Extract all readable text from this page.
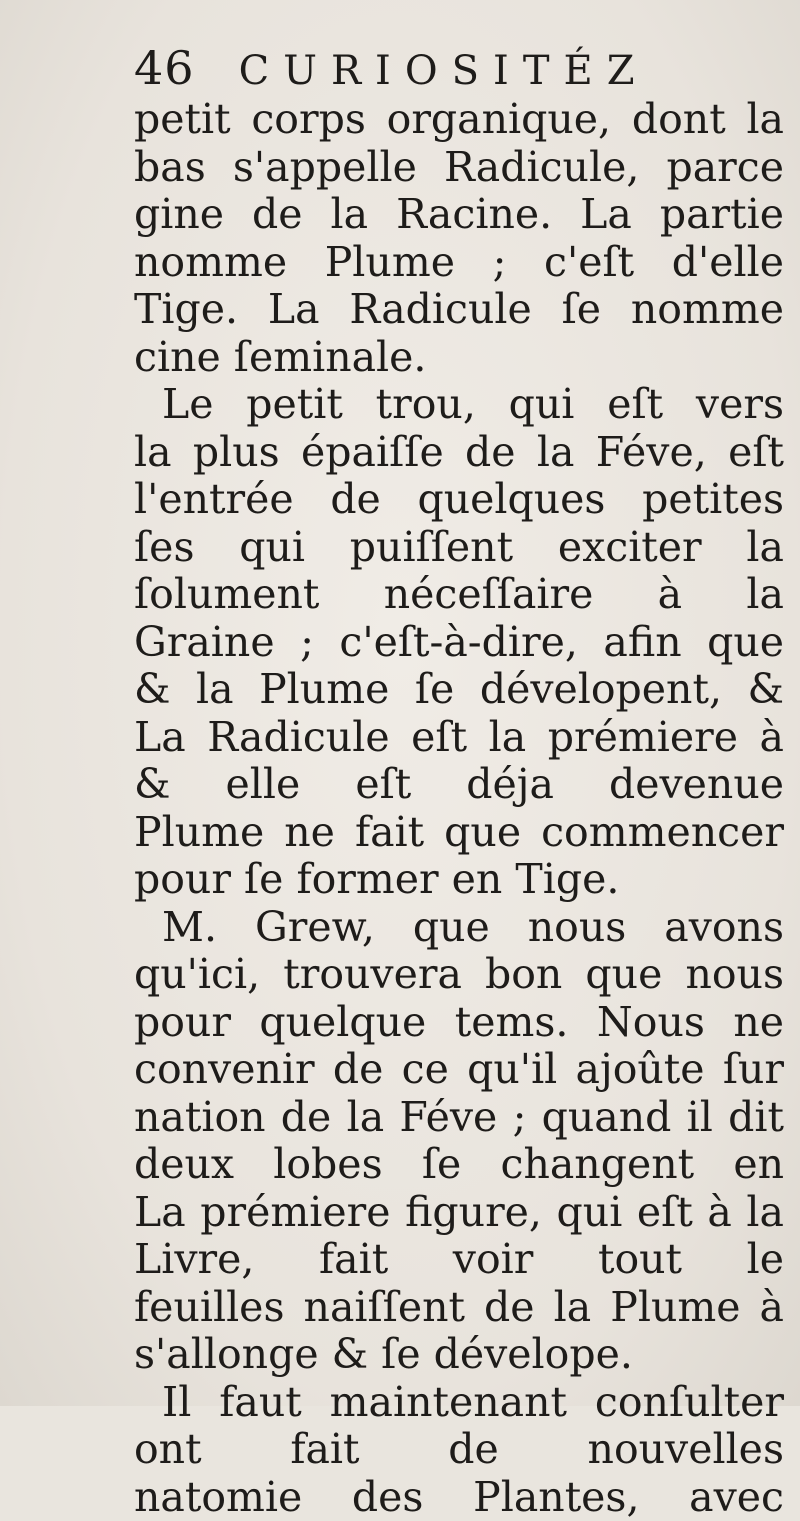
46 CURIOSITÉZ
petit corps organique, dont la
bas s'appelle Radicule, parce
gine de la Racine. La partie
nomme Plume ; c'eſt d'elle
Tige. La Radicule ſe nomme
cine ſeminale.
Le petit trou, qui eſt vers
la plus épaiſſe de la Féve, eſt
l'entrée de quelques petites
ſes qui puiſſent exciter la
ſolument néceſſaire à la
Graine ; c'eſt-à-dire, afin que
& la Plume ſe dévelopent, &
La Radicule eſt la prémiere à
& elle eſt déja devenue
Plume ne fait que commencer
pour ſe former en Tige.
M. Grew, que nous avons
qu'ici, trouvera bon que nous
pour quelque tems. Nous ne
convenir de ce qu'il ajoûte ſur
nation de la Féve ; quand il dit
deux lobes ſe changent en
La prémiere figure, qui eſt à la
Livre, fait voir tout le
feuilles naiſſent de la Plume à
s'allonge & ſe dévelope.
Il faut maintenant conſulter
ont fait de nouvelles
natomie des Plantes, avec
